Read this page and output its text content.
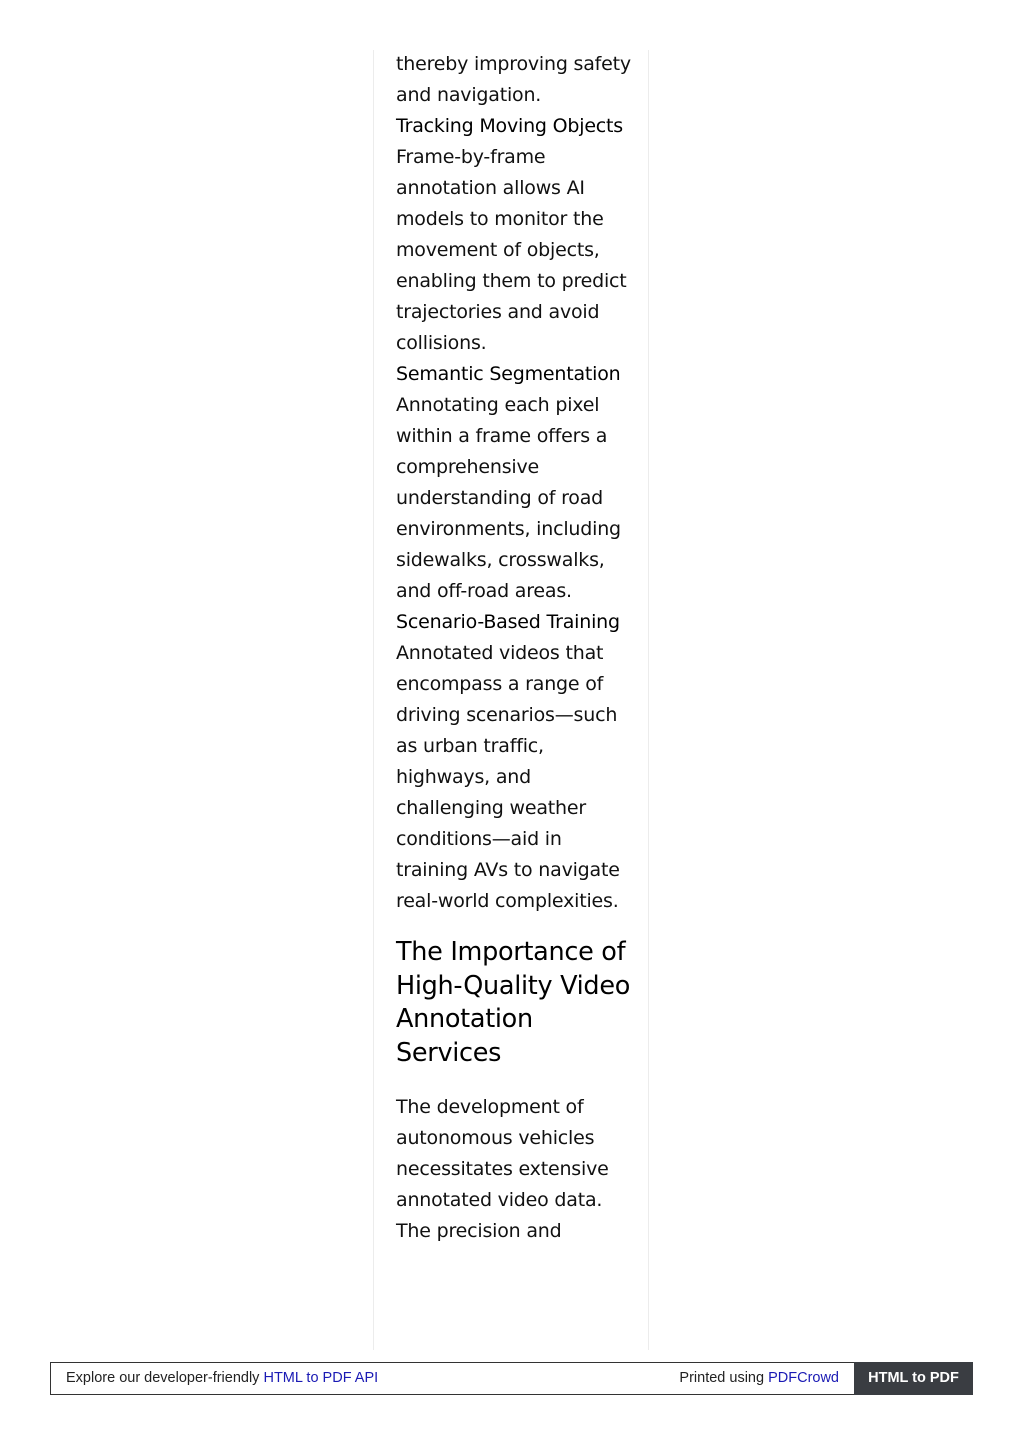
thereby improving safety and navigation.

Tracking Moving Objects
Frame-by-frame annotation allows AI models to monitor the movement of objects, enabling them to predict trajectories and avoid collisions.

Semantic Segmentation
Annotating each pixel within a frame offers a comprehensive understanding of road environments, including sidewalks, crosswalks, and off-road areas.

Scenario-Based Training
Annotated videos that encompass a range of driving scenarios—such as urban traffic, highways, and challenging weather conditions—aid in training AVs to navigate real-world complexities.

The Importance of High-Quality Video Annotation Services

The development of autonomous vehicles necessitates extensive annotated video data. The precision and

Explore our developer-friendly HTML to PDF API	Printed using PDFCrowd	HTML to PDF
